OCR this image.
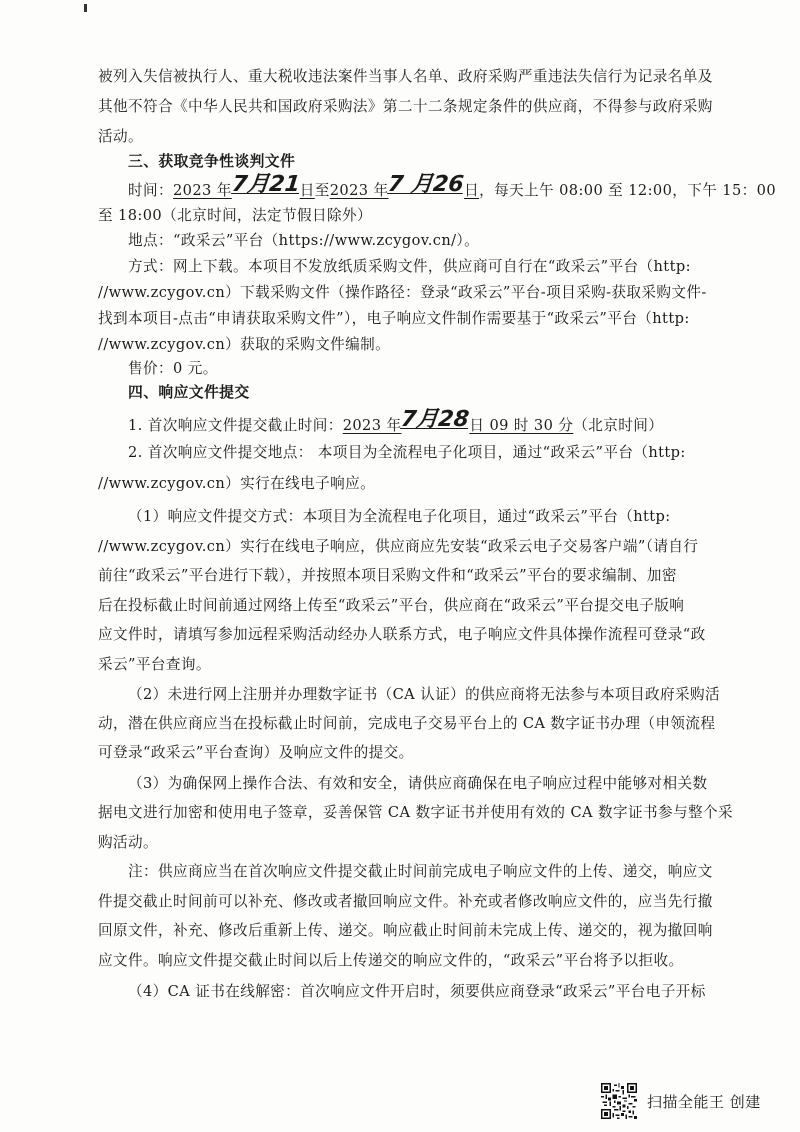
被列入失信被执行人、重大税收违法案件当事人名单、政府采购严重违法失信行为记录名单及
其他不符合《中华人民共和国政府采购法》第二十二条规定条件的供应商，不得参与政府采购
活动。
三、获取竞争性谈判文件
时间：2023 年7月21日至2023 年7 月26日，每天上午 08:00 至 12:00，下午 15：00
至 18:00（北京时间，法定节假日除外）
地点：“政采云”平台（https://www.zcygov.cn/）。
方式：网上下载。本项目不发放纸质采购文件，供应商可自行在“政采云”平台（http:
//www.zcygov.cn）下载采购文件（操作路径：登录“政采云”平台-项目采购-获取采购文件-
找到本项目-点击“申请获取采购文件”），电子响应文件制作需要基于“政采云”平台（http:
//www.zcygov.cn）获取的采购文件编制。
售价：0 元。
四、响应文件提交
1. 首次响应文件提交截止时间：2023 年7月28日 09 时 30 分（北京时间）
2. 首次响应文件提交地点： 本项目为全流程电子化项目，通过“政采云”平台（http:
//www.zcygov.cn）实行在线电子响应。
（1）响应文件提交方式：本项目为全流程电子化项目，通过“政采云”平台（http:
//www.zcygov.cn）实行在线电子响应，供应商应先安装“政采云电子交易客户端”（请自行
前往“政采云”平台进行下载），并按照本项目采购文件和“政采云”平台的要求编制、加密
后在投标截止时间前通过网络上传至“政采云”平台，供应商在“政采云”平台提交电子版响
应文件时，请填写参加远程采购活动经办人联系方式，电子响应文件具体操作流程可登录“政
采云”平台查询。
（2）未进行网上注册并办理数字证书（CA 认证）的供应商将无法参与本项目政府采购活
动，潜在供应商应当在投标截止时间前，完成电子交易平台上的 CA 数字证书办理（申领流程
可登录“政采云”平台查询）及响应文件的提交。
（3）为确保网上操作合法、有效和安全，请供应商确保在电子响应过程中能够对相关数
据电文进行加密和使用电子签章，妥善保管 CA 数字证书并使用有效的 CA 数字证书参与整个采
购活动。
注：供应商应当在首次响应文件提交截止时间前完成电子响应文件的上传、递交，响应文
件提交截止时间前可以补充、修改或者撤回响应文件。补充或者修改响应文件的，应当先行撤
回原文件，补充、修改后重新上传、递交。响应截止时间前未完成上传、递交的，视为撤回响
应文件。响应文件提交截止时间以后上传递交的响应文件的，“政采云”平台将予以拒收。
（4）CA 证书在线解密：首次响应文件开启时，须要供应商登录“政采云”平台电子开标
扫描全能王 创建
